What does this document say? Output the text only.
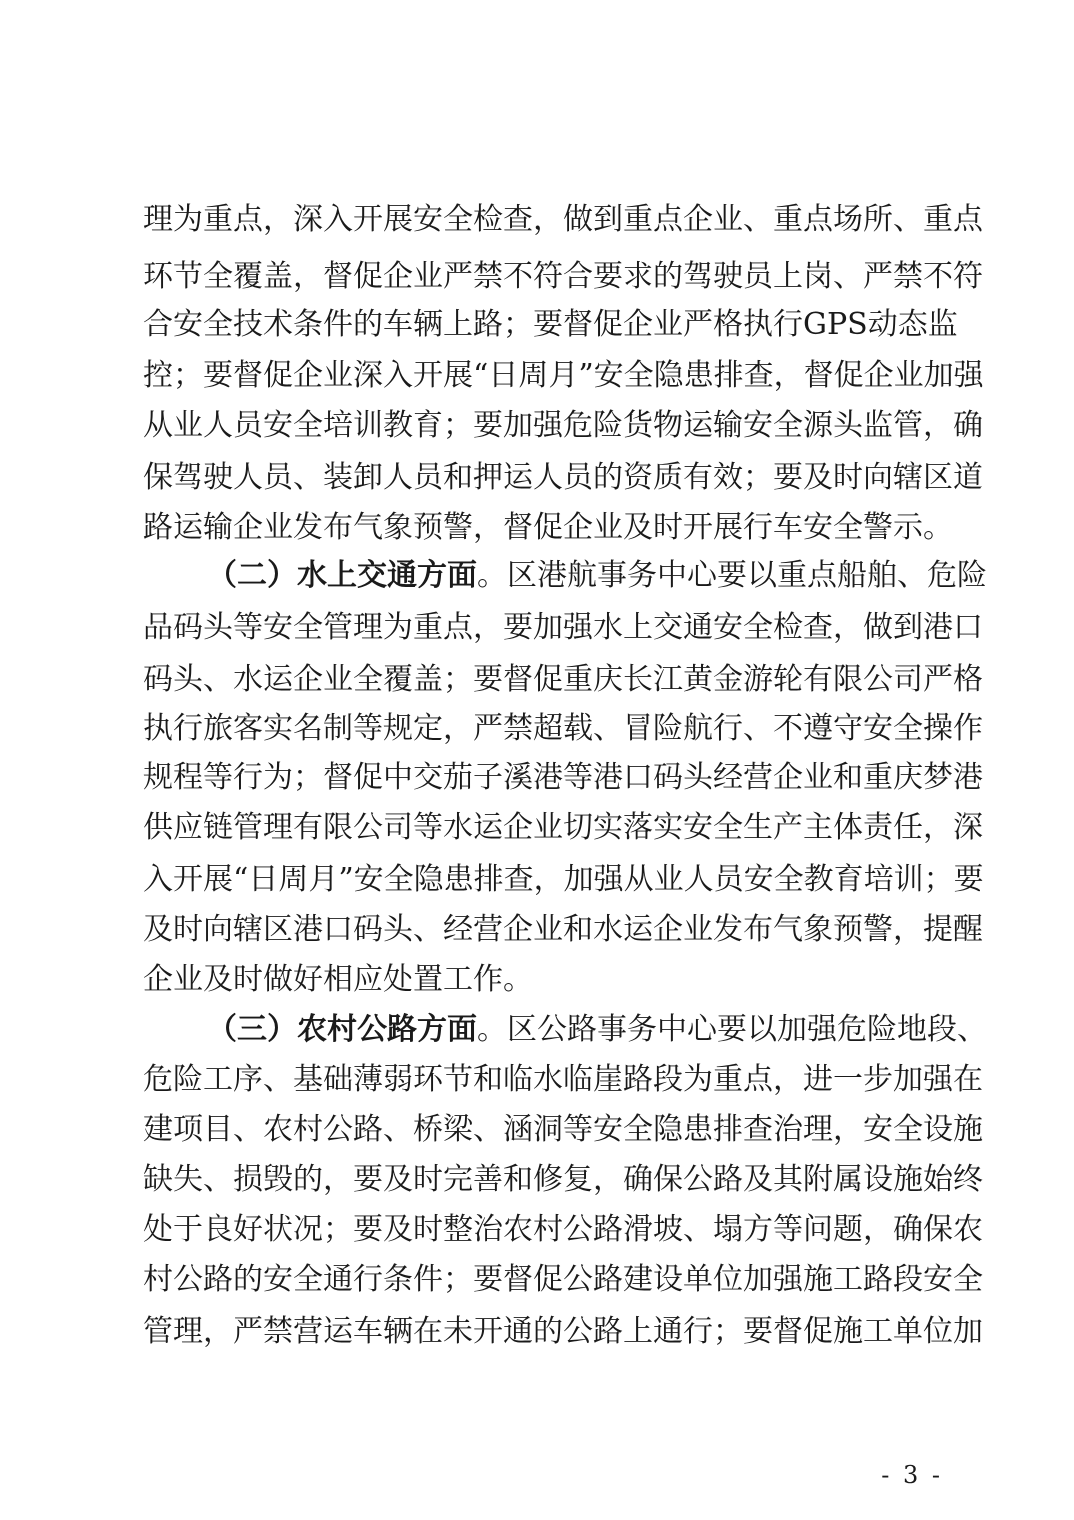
理为重点，深入开展安全检查，做到重点企业、重点场所、重点
环节全覆盖，督促企业严禁不符合要求的驾驶员上岗、严禁不符
合安全技术条件的车辆上路；要督促企业严格执行GPS动态监
控；要督促企业深入开展“日周月”安全隐患排查，督促企业加强
从业人员安全培训教育；要加强危险货物运输安全源头监管，确
保驾驶人员、装卸人员和押运人员的资质有效；要及时向辖区道
路运输企业发布气象预警，督促企业及时开展行车安全警示。
（二）水上交通方面。区港航事务中心要以重点船舶、危险
品码头等安全管理为重点，要加强水上交通安全检查，做到港口
码头、水运企业全覆盖；要督促重庆长江黄金游轮有限公司严格
执行旅客实名制等规定，严禁超载、冒险航行、不遵守安全操作
规程等行为；督促中交茄子溪港等港口码头经营企业和重庆梦港
供应链管理有限公司等水运企业切实落实安全生产主体责任，深
入开展“日周月”安全隐患排查，加强从业人员安全教育培训；要
及时向辖区港口码头、经营企业和水运企业发布气象预警，提醒
企业及时做好相应处置工作。
（三）农村公路方面。区公路事务中心要以加强危险地段、
危险工序、基础薄弱环节和临水临崖路段为重点，进一步加强在
建项目、农村公路、桥梁、涵洞等安全隐患排查治理，安全设施
缺失、损毁的，要及时完善和修复，确保公路及其附属设施始终
处于良好状况；要及时整治农村公路滑坡、塌方等问题，确保农
村公路的安全通行条件；要督促公路建设单位加强施工路段安全
管理，严禁营运车辆在未开通的公路上通行；要督促施工单位加
- 3 -
